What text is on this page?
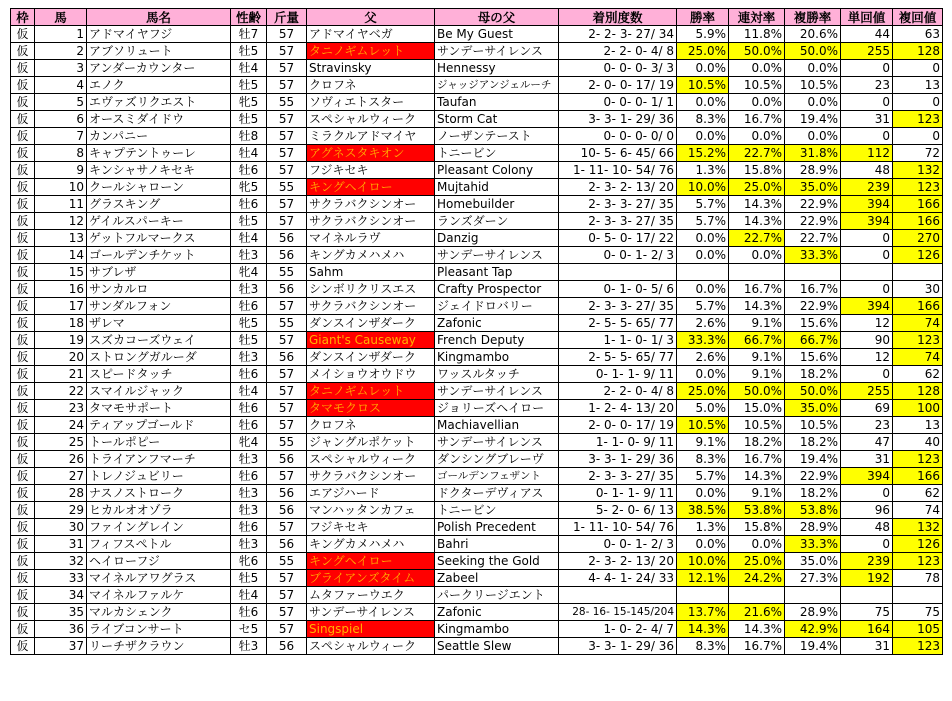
枠	馬	馬名	性齢	斤量	父	母の父	着別度数	勝率	連対率	複勝率	単回値	複回値
仮	1	アドマイヤフジ	牡7	57	アドマイヤベガ	Be My Guest	2- 2- 3- 27/ 34	5.9%	11.8%	20.6%	44	63
仮	2	アブソリュート	牡5	57	タニノギムレット	サンデーサイレンス	2- 2- 0- 4/ 8	25.0%	50.0%	50.0%	255	128
仮	3	アンダーカウンター	牡4	57	Stravinsky	Hennessy	0- 0- 0- 3/ 3	0.0%	0.0%	0.0%	0	0
仮	4	エノク	牡5	57	クロフネ	ジャッジアンジェルーチ	2- 0- 0- 17/ 19	10.5%	10.5%	10.5%	23	13
仮	5	エヴァズリクエスト	牝5	55	ソヴィエトスター	Taufan	0- 0- 0- 1/ 1	0.0%	0.0%	0.0%	0	0
仮	6	オースミダイドウ	牡5	57	スペシャルウィーク	Storm Cat	3- 3- 1- 29/ 36	8.3%	16.7%	19.4%	31	123
仮	7	カンパニー	牡8	57	ミラクルアドマイヤ	ノーザンテースト	0- 0- 0- 0/ 0	0.0%	0.0%	0.0%	0	0
仮	8	キャプテントゥーレ	牡4	57	アグネスタキオン	トニービン	10- 5- 6- 45/ 66	15.2%	22.7%	31.8%	112	72
仮	9	キンシャサノキセキ	牡6	57	フジキセキ	Pleasant Colony	1- 11- 10- 54/ 76	1.3%	15.8%	28.9%	48	132
仮	10	クールシャローン	牝5	55	キングヘイロー	Mujtahid	2- 3- 2- 13/ 20	10.0%	25.0%	35.0%	239	123
仮	11	グラスキング	牡6	57	サクラバクシンオー	Homebuilder	2- 3- 3- 27/ 35	5.7%	14.3%	22.9%	394	166
仮	12	ゲイルスパーキー	牡5	57	サクラバクシンオー	ランズダーン	2- 3- 3- 27/ 35	5.7%	14.3%	22.9%	394	166
仮	13	ゲットフルマークス	牡4	56	マイネルラヴ	Danzig	0- 5- 0- 17/ 22	0.0%	22.7%	22.7%	0	270
仮	14	ゴールデンチケット	牡3	56	キングカメハメハ	サンデーサイレンス	0- 0- 1- 2/ 3	0.0%	0.0%	33.3%	0	126
仮	15	サブレザ	牝4	55	Sahm	Pleasant Tap						
仮	16	サンカルロ	牡3	56	シンボリクリスエス	Crafty Prospector	0- 1- 0- 5/ 6	0.0%	16.7%	16.7%	0	30
仮	17	サンダルフォン	牡6	57	サクラバクシンオー	ジェイドロバリー	2- 3- 3- 27/ 35	5.7%	14.3%	22.9%	394	166
仮	18	ザレマ	牝5	55	ダンスインザダーク	Zafonic	2- 5- 5- 65/ 77	2.6%	9.1%	15.6%	12	74
仮	19	スズカコーズウェイ	牡5	57	Giant's Causeway	French Deputy	1- 1- 0- 1/ 3	33.3%	66.7%	66.7%	90	123
仮	20	ストロングガルーダ	牡3	56	ダンスインザダーク	Kingmambo	2- 5- 5- 65/ 77	2.6%	9.1%	15.6%	12	74
仮	21	スピードタッチ	牡6	57	メイショウオウドウ	ワッスルタッチ	0- 1- 1- 9/ 11	0.0%	9.1%	18.2%	0	62
仮	22	スマイルジャック	牡4	57	タニノギムレット	サンデーサイレンス	2- 2- 0- 4/ 8	25.0%	50.0%	50.0%	255	128
仮	23	タマモサポート	牡6	57	タマモクロス	ジョリーズヘイロー	1- 2- 4- 13/ 20	5.0%	15.0%	35.0%	69	100
仮	24	ティアップゴールド	牡6	57	クロフネ	Machiavellian	2- 0- 0- 17/ 19	10.5%	10.5%	10.5%	23	13
仮	25	トールポピー	牝4	55	ジャングルポケット	サンデーサイレンス	1- 1- 0- 9/ 11	9.1%	18.2%	18.2%	47	40
仮	26	トライアンフマーチ	牡3	56	スペシャルウィーク	ダンシングブレーヴ	3- 3- 1- 29/ 36	8.3%	16.7%	19.4%	31	123
仮	27	トレノジュビリー	牡6	57	サクラバクシンオー	ゴールデンフェザント	2- 3- 3- 27/ 35	5.7%	14.3%	22.9%	394	166
仮	28	ナスノストローク	牡3	56	エアジハード	ドクターデヴィアス	0- 1- 1- 9/ 11	0.0%	9.1%	18.2%	0	62
仮	29	ヒカルオオゾラ	牡3	56	マンハッタンカフェ	トニービン	5- 2- 0- 6/ 13	38.5%	53.8%	53.8%	96	74
仮	30	ファイングレイン	牡6	57	フジキセキ	Polish Precedent	1- 11- 10- 54/ 76	1.3%	15.8%	28.9%	48	132
仮	31	フィフスペトル	牡3	56	キングカメハメハ	Bahri	0- 0- 1- 2/ 3	0.0%	0.0%	33.3%	0	126
仮	32	ヘイローフジ	牝6	55	キングヘイロー	Seeking the Gold	2- 3- 2- 13/ 20	10.0%	25.0%	35.0%	239	123
仮	33	マイネルアワグラス	牡5	57	ブライアンズタイム	Zabeel	4- 4- 1- 24/ 33	12.1%	24.2%	27.3%	192	78
仮	34	マイネルファルケ	牡4	57	ムタファーウエク	パークリージエント						
仮	35	マルカシェンク	牡6	57	サンデーサイレンス	Zafonic	28- 16- 15-145/204	13.7%	21.6%	28.9%	75	75
仮	36	ライブコンサート	セ5	57	Singspiel	Kingmambo	1- 0- 2- 4/ 7	14.3%	14.3%	42.9%	164	105
仮	37	リーチザクラウン	牡3	56	スペシャルウィーク	Seattle Slew	3- 3- 1- 29/ 36	8.3%	16.7%	19.4%	31	123
